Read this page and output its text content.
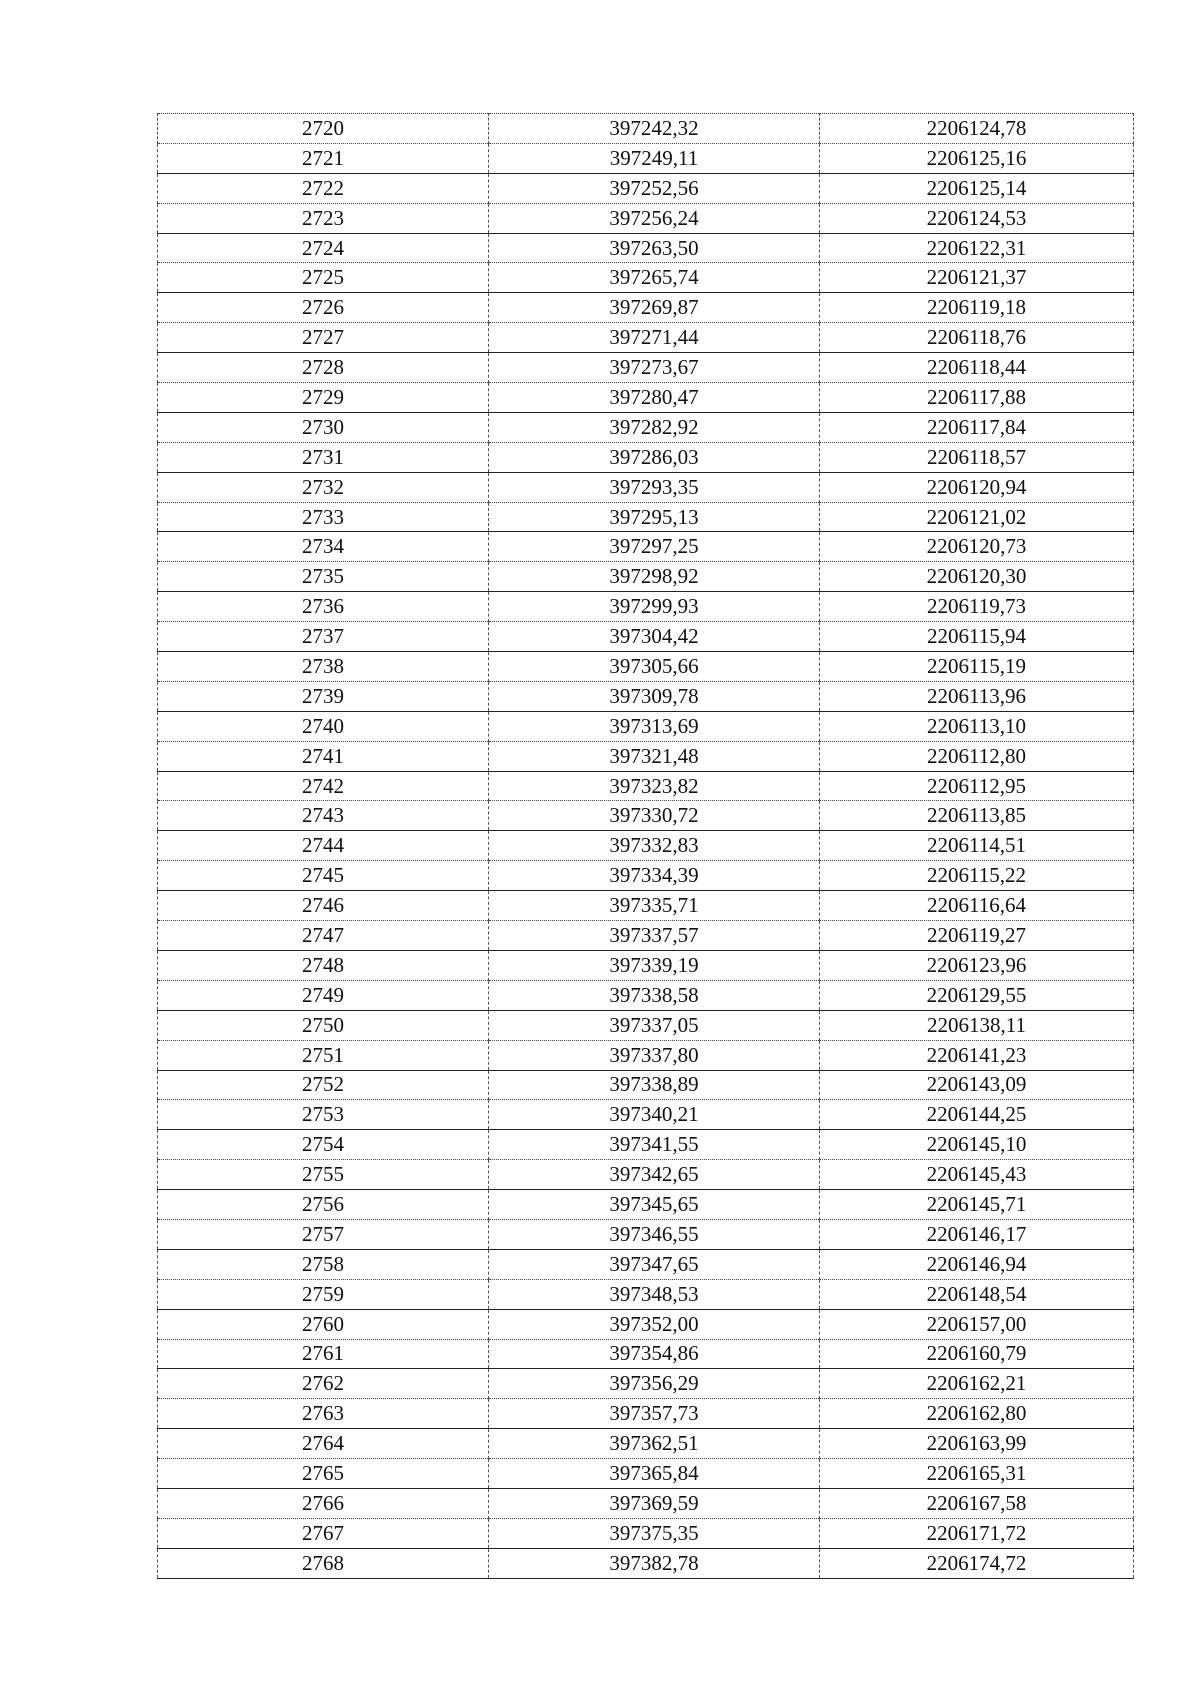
2720	397242,32	2206124,78
2721	397249,11	2206125,16
2722	397252,56	2206125,14
2723	397256,24	2206124,53
2724	397263,50	2206122,31
2725	397265,74	2206121,37
2726	397269,87	2206119,18
2727	397271,44	2206118,76
2728	397273,67	2206118,44
2729	397280,47	2206117,88
2730	397282,92	2206117,84
2731	397286,03	2206118,57
2732	397293,35	2206120,94
2733	397295,13	2206121,02
2734	397297,25	2206120,73
2735	397298,92	2206120,30
2736	397299,93	2206119,73
2737	397304,42	2206115,94
2738	397305,66	2206115,19
2739	397309,78	2206113,96
2740	397313,69	2206113,10
2741	397321,48	2206112,80
2742	397323,82	2206112,95
2743	397330,72	2206113,85
2744	397332,83	2206114,51
2745	397334,39	2206115,22
2746	397335,71	2206116,64
2747	397337,57	2206119,27
2748	397339,19	2206123,96
2749	397338,58	2206129,55
2750	397337,05	2206138,11
2751	397337,80	2206141,23
2752	397338,89	2206143,09
2753	397340,21	2206144,25
2754	397341,55	2206145,10
2755	397342,65	2206145,43
2756	397345,65	2206145,71
2757	397346,55	2206146,17
2758	397347,65	2206146,94
2759	397348,53	2206148,54
2760	397352,00	2206157,00
2761	397354,86	2206160,79
2762	397356,29	2206162,21
2763	397357,73	2206162,80
2764	397362,51	2206163,99
2765	397365,84	2206165,31
2766	397369,59	2206167,58
2767	397375,35	2206171,72
2768	397382,78	2206174,72
